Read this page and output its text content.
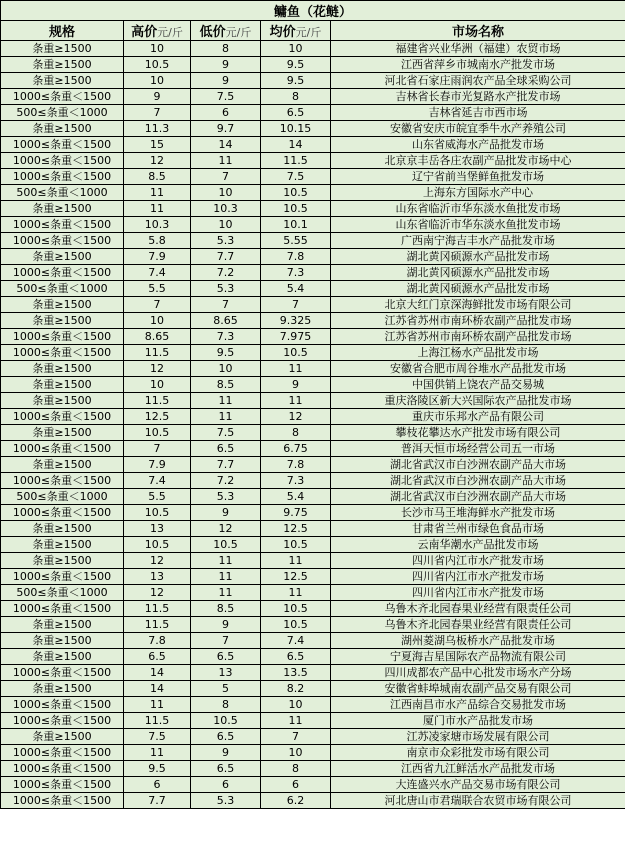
鳙鱼（花鲢）				
规格	高价元/斤	低价元/斤	均价元/斤	市场名称
条重≥1500	10	8	10	福建省兴业华洲（福建）农贸市场
条重≥1500	10.5	9	9.5	江西省萍乡市城南水产批发市场
条重≥1500	10	9	9.5	河北省石家庄雨润农产品全球采购公司
1000≤条重＜1500	9	7.5	8	吉林省长春市光复路水产批发市场
500≤条重＜1000	7	6	6.5	吉林省延吉市西市场
条重≥1500	11.3	9.7	10.15	安徽省安庆市皖宜季牛水产养殖公司
1000≤条重＜1500	15	14	14	山东省威海水产品批发市场
1000≤条重＜1500	12	11	11.5	北京京丰岳各庄农副产品批发市场中心
1000≤条重＜1500	8.5	7	7.5	辽宁省前当堡鲜鱼批发市场
500≤条重＜1000	11	10	10.5	上海东方国际水产中心
条重≥1500	11	10.3	10.5	山东省临沂市华东淡水鱼批发市场
1000≤条重＜1500	10.3	10	10.1	山东省临沂市华东淡水鱼批发市场
1000≤条重＜1500	5.8	5.3	5.55	广西南宁海吉丰水产品批发市场
条重≥1500	7.9	7.7	7.8	湖北黄冈硕源水产品批发市场
1000≤条重＜1500	7.4	7.2	7.3	湖北黄冈硕源水产品批发市场
500≤条重＜1000	5.5	5.3	5.4	湖北黄冈硕源水产品批发市场
条重≥1500	7	7	7	北京大红门京深海鲜批发市场有限公司
条重≥1500	10	8.65	9.325	江苏省苏州市南环桥农副产品批发市场
1000≤条重＜1500	8.65	7.3	7.975	江苏省苏州市南环桥农副产品批发市场
1000≤条重＜1500	11.5	9.5	10.5	上海江杨水产品批发市场
条重≥1500	12	10	11	安徽省合肥市周谷堆水产品批发市场
条重≥1500	10	8.5	9	中国供销上饶农产品交易城
条重≥1500	11.5	11	11	重庆洛陵区新大兴国际农产品批发市场
1000≤条重＜1500	12.5	11	12	重庆市乐邦水产品有限公司
条重≥1500	10.5	7.5	8	攀枝花攀达水产批发市场有限公司
1000≤条重＜1500	7	6.5	6.75	普洱天恒市场经营公司五一市场
条重≥1500	7.9	7.7	7.8	湖北省武汉市白沙洲农副产品大市场
1000≤条重＜1500	7.4	7.2	7.3	湖北省武汉市白沙洲农副产品大市场
500≤条重＜1000	5.5	5.3	5.4	湖北省武汉市白沙洲农副产品大市场
1000≤条重＜1500	10.5	9	9.75	长沙市马王堆海鲜水产批发市场
条重≥1500	13	12	12.5	甘肃省兰州市绿色食品市场
条重≥1500	10.5	10.5	10.5	云南华潮水产品批发市场
条重≥1500	12	11	11	四川省内江市水产批发市场
1000≤条重＜1500	13	11	12.5	四川省内江市水产批发市场
500≤条重＜1000	12	11	11	四川省内江市水产批发市场
1000≤条重＜1500	11.5	8.5	10.5	乌鲁木齐北园春果业经营有限责任公司
条重≥1500	11.5	9	10.5	乌鲁木齐北园春果业经营有限责任公司
条重≥1500	7.8	7	7.4	湖州菱湖乌板桥水产品批发市场
条重≥1500	6.5	6.5	6.5	宁夏海吉星国际农产品物流有限公司
1000≤条重＜1500	14	13	13.5	四川成都农产品中心批发市场水产分场
条重≥1500	14	5	8.2	安徽省蚌埠城南农副产品交易有限公司
1000≤条重＜1500	11	8	10	江西南昌市水产品综合交易批发市场
1000≤条重＜1500	11.5	10.5	11	厦门市水产品批发市场
条重≥1500	7.5	6.5	7	江苏凌家塘市场发展有限公司
1000≤条重＜1500	11	9	10	南京市众彩批发市场有限公司
1000≤条重＜1500	9.5	6.5	8	江西省九江鲜活水产品批发市场
1000≤条重＜1500	6	6	6	大连盛兴水产品交易市场有限公司
1000≤条重＜1500	7.7	5.3	6.2	河北唐山市君瑞联合农贸市场有限公司
